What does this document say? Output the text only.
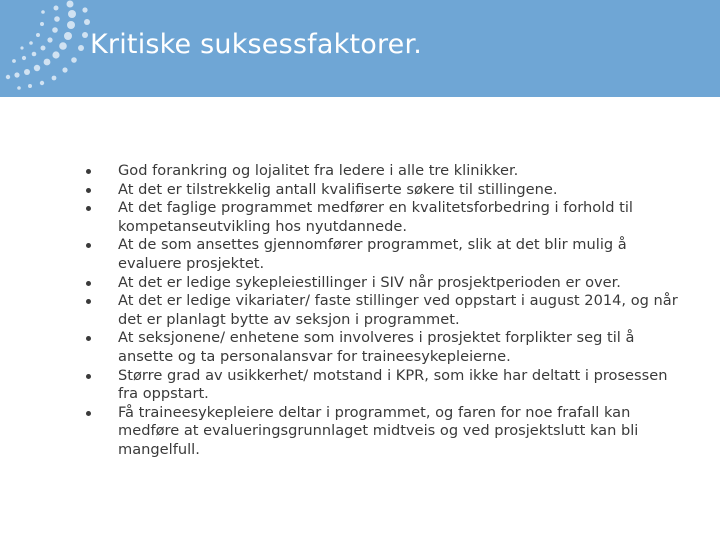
Kritiske suksessfaktorer.
God forankring og lojalitet fra ledere i alle tre klinikker.
At det er tilstrekkelig antall kvalifiserte søkere til stillingene.
At det faglige programmet medfører en kvalitetsforbedring i forhold til kompetanseutvikling hos nyutdannede.
At de som ansettes gjennomfører programmet, slik at det blir mulig å evaluere prosjektet.
At det er ledige sykepleiestillinger i SIV når prosjektperioden er over.
At det er ledige vikariater/ faste stillinger ved oppstart i august 2014, og når det er planlagt bytte av seksjon i programmet.
At seksjonene/ enhetene som involveres i prosjektet forplikter seg til å ansette og ta personalansvar for traineesykepleierne.
Større grad av usikkerhet/ motstand i KPR, som ikke har deltatt i prosessen fra oppstart.
Få traineesykepleiere deltar i programmet, og faren for noe frafall kan medføre at evalueringsgrunnlaget midtveis og ved prosjektslutt kan bli mangelfull.
